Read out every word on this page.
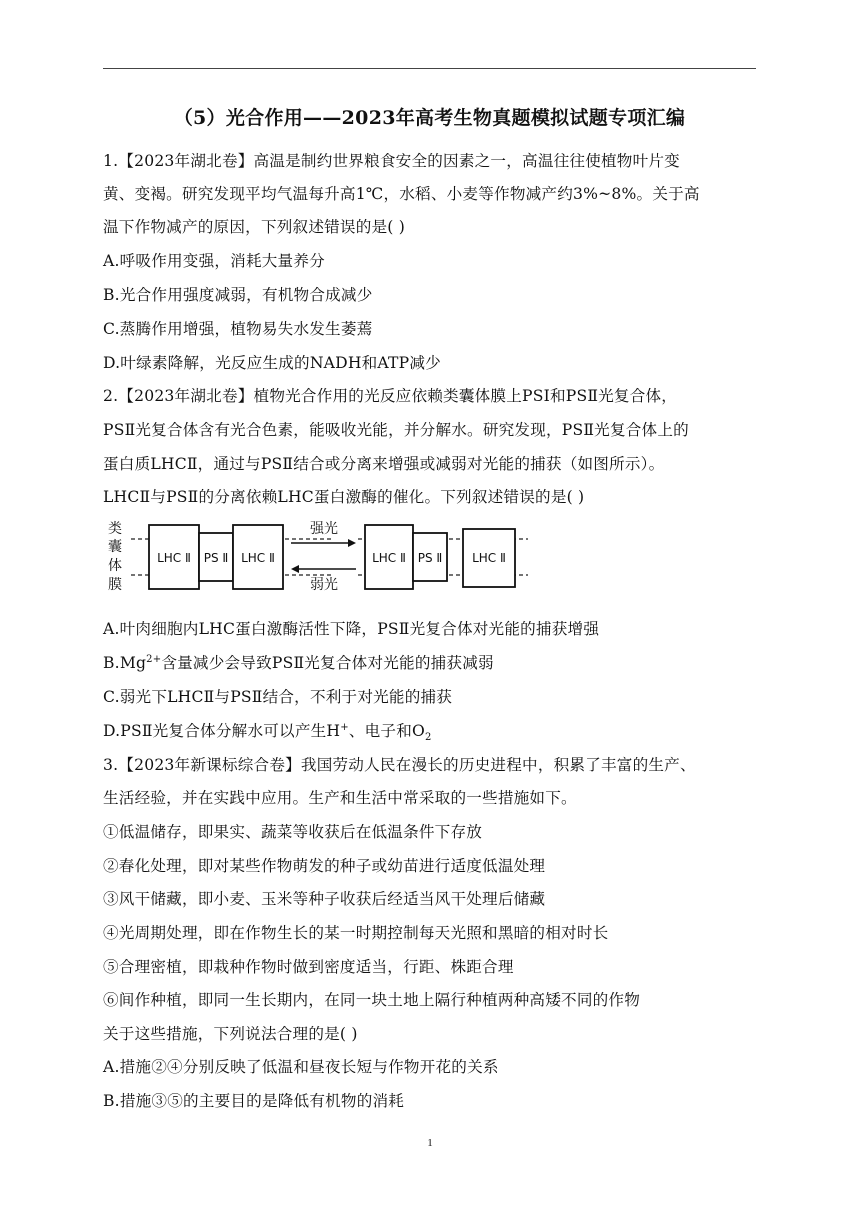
（5）光合作用——2023年高考生物真题模拟试题专项汇编
1.【2023年湖北卷】高温是制约世界粮食安全的因素之一，高温往往使植物叶片变
黄、变褐。研究发现平均气温每升高1℃，水稻、小麦等作物减产约3%~8%。关于高
温下作物减产的原因，下列叙述错误的是( )
A.呼吸作用变强，消耗大量养分
B.光合作用强度减弱，有机物合成减少
C.蒸腾作用增强，植物易失水发生萎蔫
D.叶绿素降解，光反应生成的NADH和ATP减少
2.【2023年湖北卷】植物光合作用的光反应依赖类囊体膜上PSⅠ和PSⅡ光复合体，
PSⅡ光复合体含有光合色素，能吸收光能，并分解水。研究发现，PSⅡ光复合体上的
蛋白质LHCⅡ，通过与PSⅡ结合或分离来增强或减弱对光能的捕获（如图所示）。
LHCⅡ与PSⅡ的分离依赖LHC蛋白激酶的催化。下列叙述错误的是( )
类
囊
体
膜
LHC Ⅱ PS Ⅱ LHC Ⅱ
强光
弱光
LHC Ⅱ PS Ⅱ LHC Ⅱ
A.叶肉细胞内LHC蛋白激酶活性下降，PSⅡ光复合体对光能的捕获增强
$B.Mg^{2+}$含量减少会导致PSⅡ光复合体对光能的捕获减弱
C.弱光下LHCⅡ与PSⅡ结合，不利于对光能的捕获
D.PSⅡ光复合体分解水可以产生H+、电子和$O_2$
3.【2023年新课标综合卷】我国劳动人民在漫长的历史进程中，积累了丰富的生产、
生活经验，并在实践中应用。生产和生活中常采取的一些措施如下。
①低温储存，即果实、蔬菜等收获后在低温条件下存放
②春化处理，即对某些作物萌发的种子或幼苗进行适度低温处理
③风干储藏，即小麦、玉米等种子收获后经适当风干处理后储藏
④光周期处理，即在作物生长的某一时期控制每天光照和黑暗的相对时长
⑤合理密植，即栽种作物时做到密度适当，行距、株距合理
⑥间作种植，即同一生长期内，在同一块土地上隔行种植两种高矮不同的作物
关于这些措施，下列说法合理的是( )
A.措施②④分别反映了低温和昼夜长短与作物开花的关系
B.措施③⑤的主要目的是降低有机物的消耗
1
